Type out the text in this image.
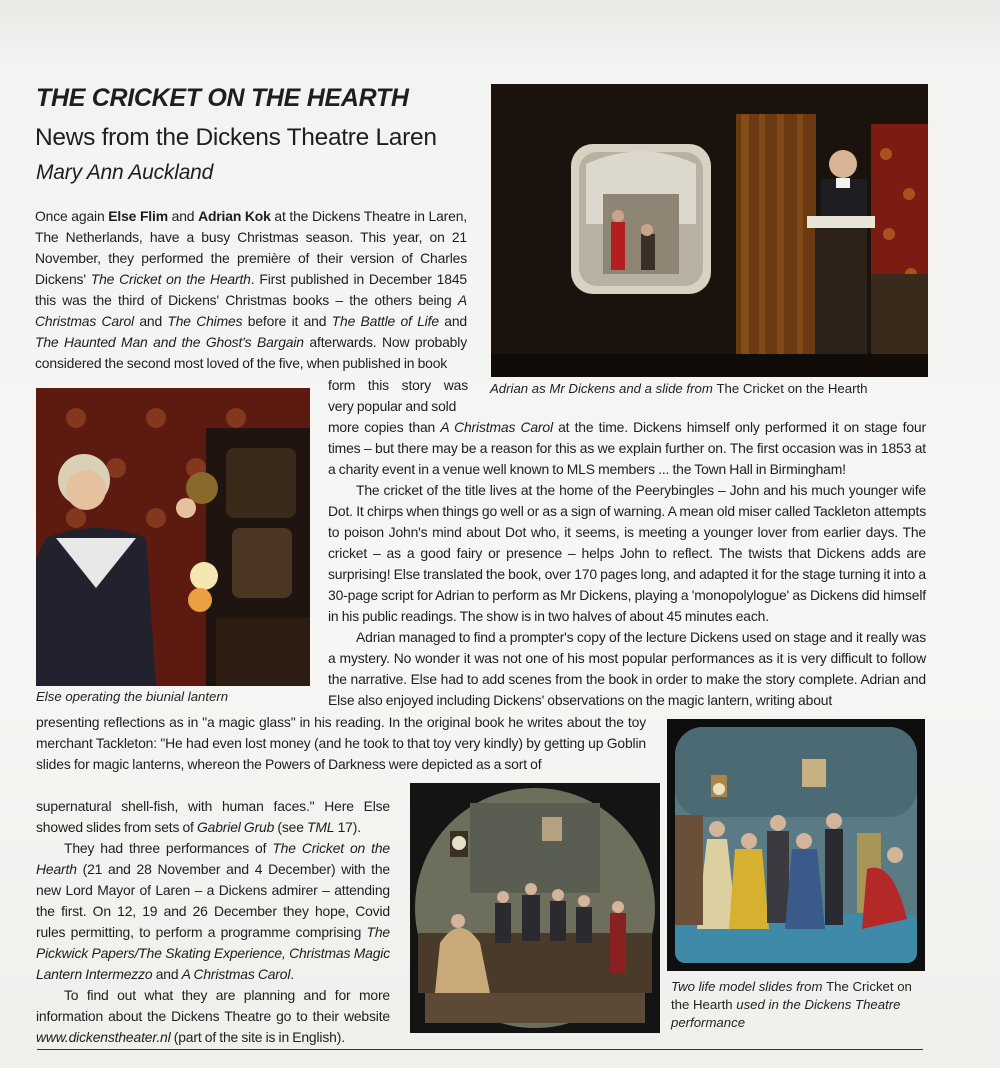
THE CRICKET ON THE HEARTH
News from the Dickens Theatre Laren
Mary Ann Auckland
Adrian as Mr Dickens and a slide from The Cricket on the Hearth
Else operating the biunial lantern
Two life model slides from The Cricket on the Hearth used in the Dickens Theatre performance
Once again Else Flim and Adrian Kok at the Dickens Theatre in Laren, The Netherlands, have a busy Christmas season. This year, on 21 November, they performed the première of their version of Charles Dickens' The Cricket on the Hearth. First published in December 1845 this was the third of Dickens' Christmas books – the others being A Christmas Carol and The Chimes before it and The Battle of Life and The Haunted Man and the Ghost's Bargain afterwards. Now probably considered the second most loved of the five, when published in book
form this story was very popular and sold

more copies than A Christmas Carol at the time. Dickens himself only performed it on stage four times – but there may be a reason for this as we explain further on. The first occasion was in 1853 at a charity event in a venue well known to MLS members ... the Town Hall in Birmingham!

The cricket of the title lives at the home of the Peerybingles – John and his much younger wife Dot. It chirps when things go well or as a sign of warning. A mean old miser called Tackleton attempts to poison John's mind about Dot who, it seems, is meeting a younger lover from earlier days. The cricket – as a good fairy or presence – helps John to reflect. The twists that Dickens adds are surprising! Else translated the book, over 170 pages long, and adapted it for the stage turning it into a 30-page script for Adrian to perform as Mr Dickens, playing a 'monopolylogue' as Dickens did himself in his public readings. The show is in two halves of about 45 minutes each.

Adrian managed to find a prompter's copy of the lecture Dickens used on stage and it really was a mystery. No wonder it was not one of his most popular performances as it is very difficult to follow the narrative. Else had to add scenes from the book in order to make the story complete. Adrian and Else also enjoyed including Dickens' observations on the magic lantern, writing about

presenting reflections as in "a magic glass" in his reading. In the original book he writes about the toy merchant Tackleton: "He had even lost money (and he took to that toy very kindly) by getting up Goblin slides for magic lanterns, whereon the Powers of Darkness were depicted as a sort of

supernatural shell-fish, with human faces." Here Else showed slides from sets of Gabriel Grub (see TML 17).

They had three performances of The Cricket on the Hearth (21 and 28 November and 4 December) with the new Lord Mayor of Laren – a Dickens admirer – attending the first. On 12, 19 and 26 December they hope, Covid rules permitting, to perform a programme comprising The Pickwick Papers/The Skating Experience, Christmas Magic Lantern Intermezzo and A Christmas Carol.

To find out what they are planning and for more information about the Dickens Theatre go to their website www.dickenstheater.nl (part of the site is in English).
